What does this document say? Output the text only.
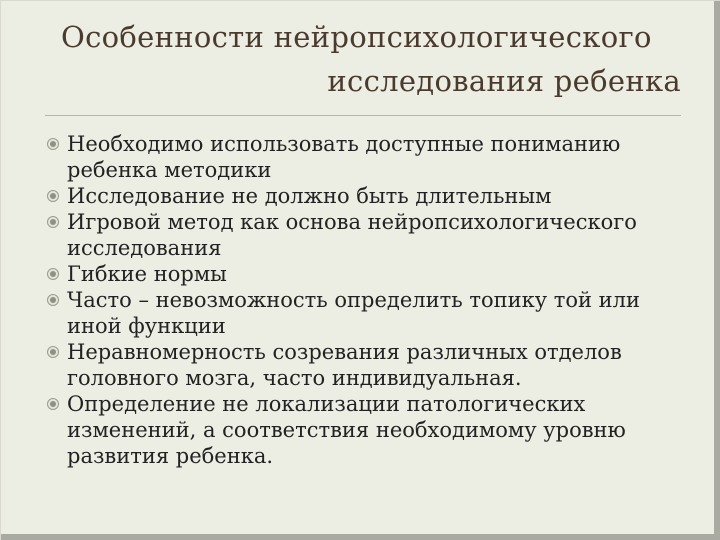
Особенности нейропсихологического
исследования ребенка
Необходимо использовать доступные пониманию ребенка методики
Исследование не должно быть длительным
Игровой метод как основа нейропсихологического исследования
Гибкие нормы
Часто – невозможность определить топику той или иной функции
Неравномерность созревания различных отделов головного мозга, часто индивидуальная.
Определение не локализации патологических изменений, а соответствия необходимому уровню развития ребенка.
